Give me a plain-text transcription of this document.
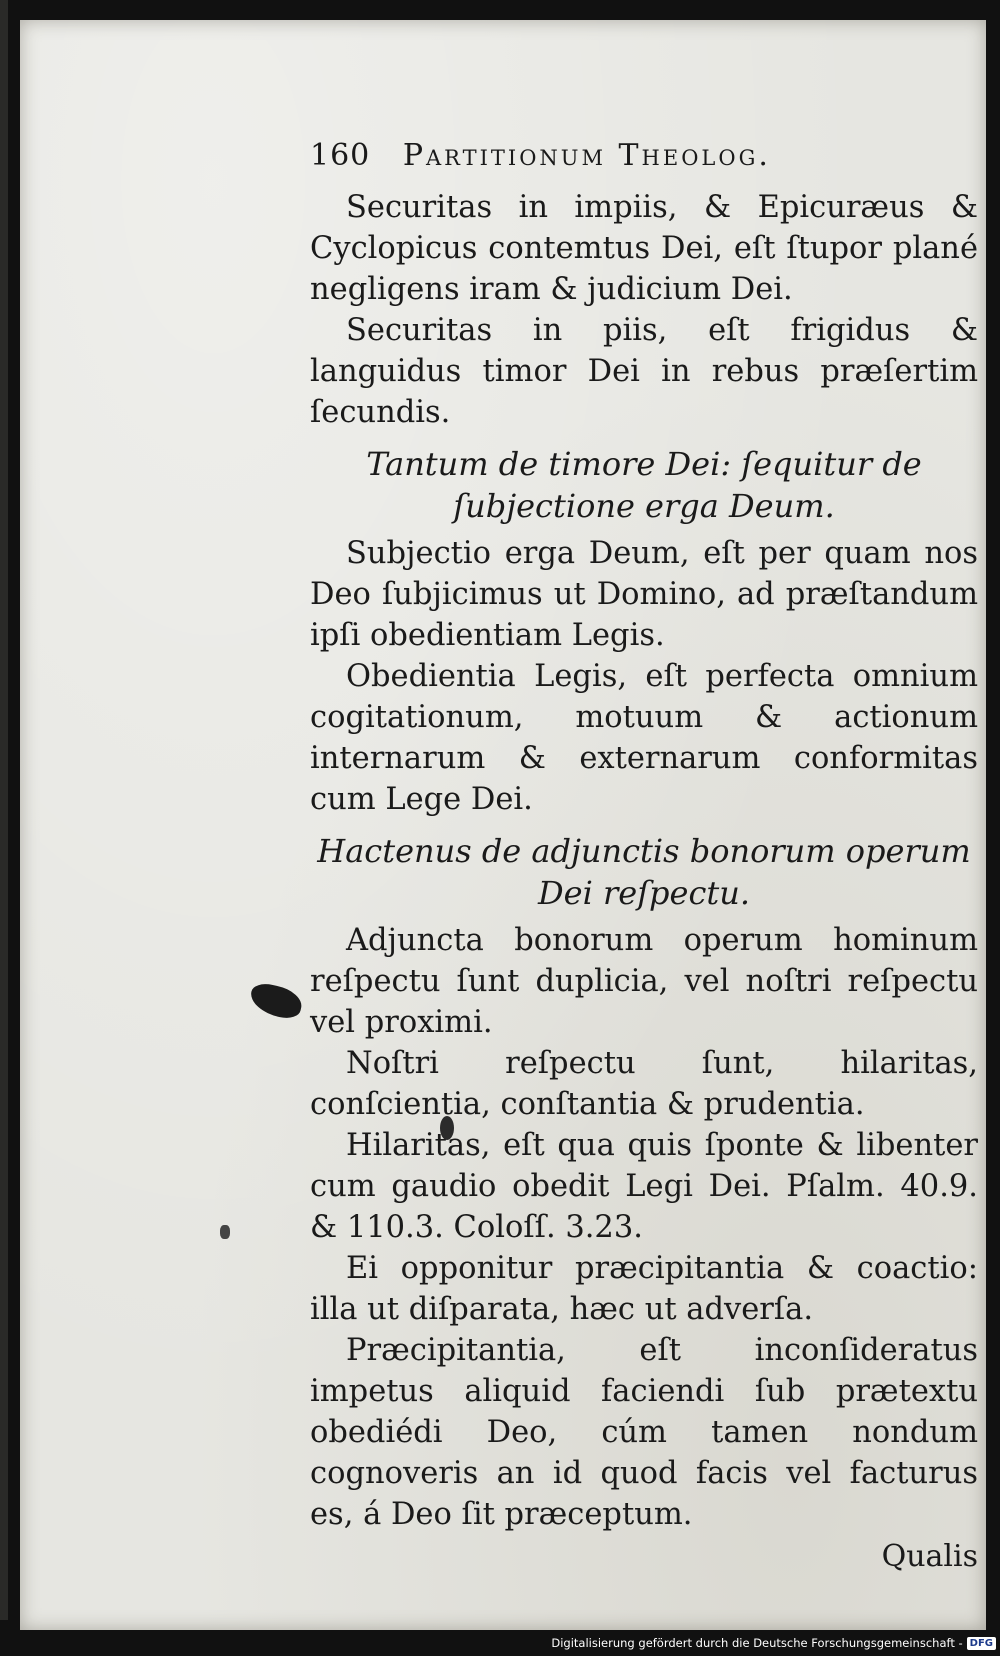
160 Partitionum Theolog.

Securitas in impiis, & Epicuræus & Cyclopicus contemtus Dei, eſt ſtupor plané negligens iram & judicium Dei.

Securitas in piis, eſt frigidus & languidus timor Dei in rebus præſertim ſecundis.

Tantum de timore Dei: ſequitur de ſubjectione erga Deum.

Subjectio erga Deum, eſt per quam nos Deo ſubjicimus ut Domino, ad præſtandum ipſi obedientiam Legis.

Obedientia Legis, eſt perfecta omnium cogitationum, motuum & actionum internarum & externarum conformitas cum Lege Dei.

Hactenus de adjunctis bonorum operum Dei reſpectu.

Adjuncta bonorum operum hominum reſpectu ſunt duplicia, vel noſtri reſpectu vel proximi.

Noſtri reſpectu ſunt, hilaritas, conſcientia, conſtantia & prudentia.

Hilaritas, eſt qua quis ſponte & libenter cum gaudio obedit Legi Dei. Pſalm. 40.9. & 110.3. Coloſſ. 3.23.

Ei opponitur præcipitantia & coactio: illa ut diſparata, hæc ut adverſa.

Præcipitantia, eſt inconſideratus impetus aliquid faciendi ſub prætextu obediédi Deo, cúm tamen nondum cognoveris an id quod facis vel facturus es, á Deo ſit præceptum.

Qualis
Digitalisierung gefördert durch die Deutsche Forschungsgemeinschaft - DFG
